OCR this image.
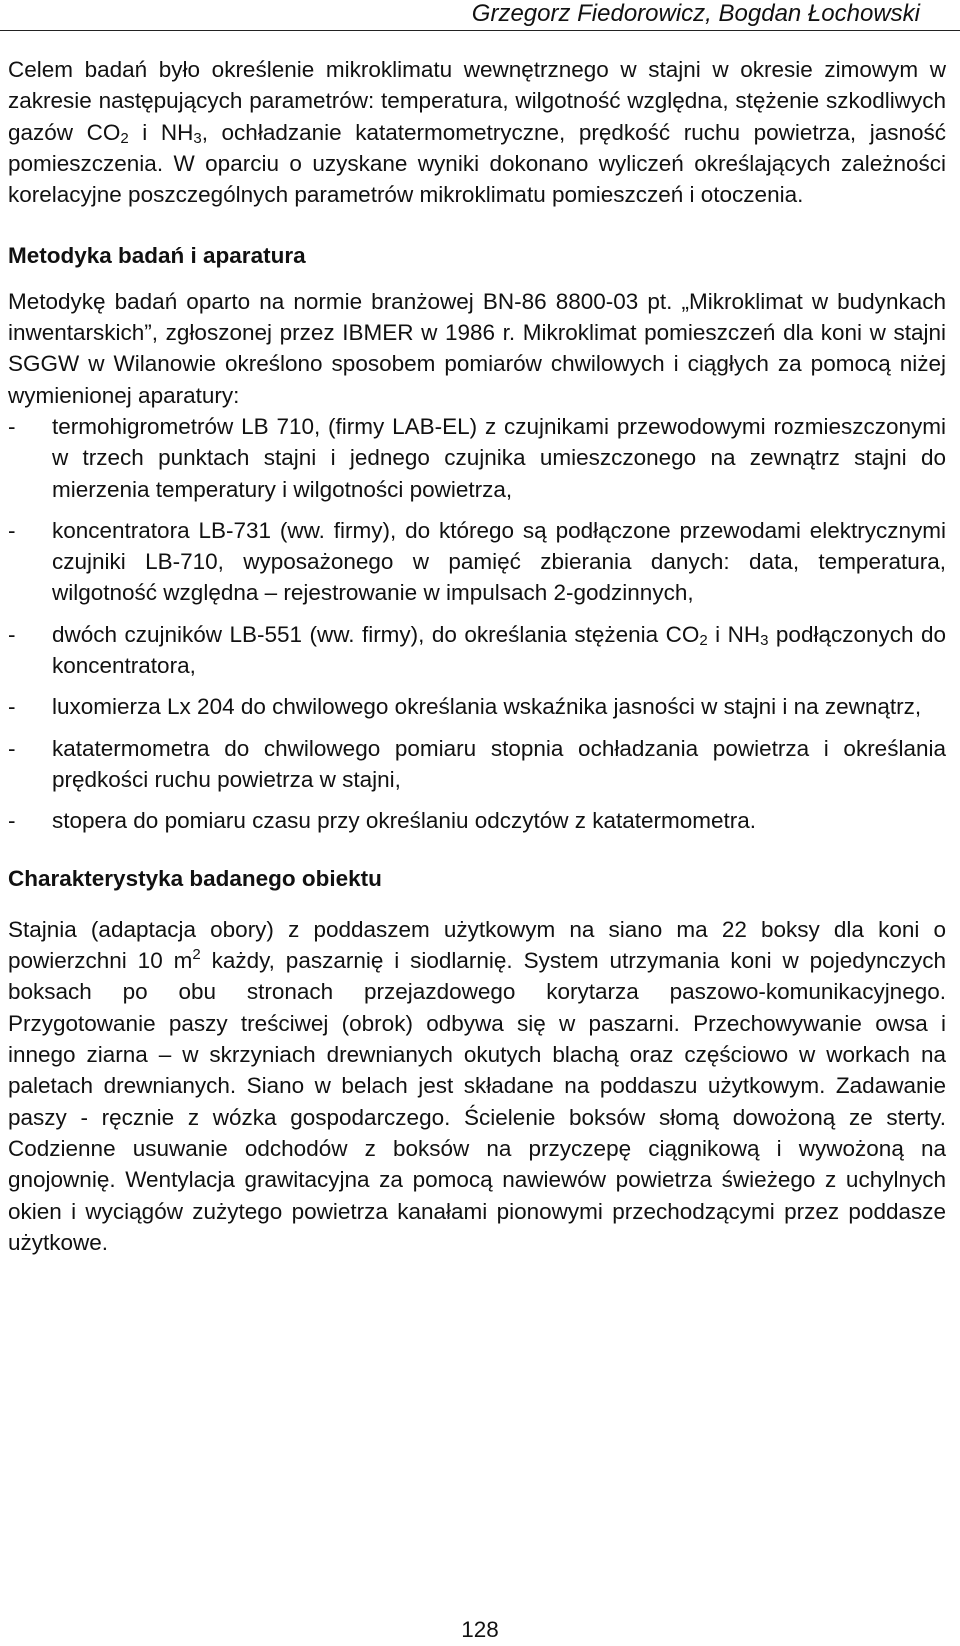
Grzegorz Fiedorowicz, Bogdan Łochowski

Celem badań było określenie mikroklimatu wewnętrznego w stajni w okresie zimowym w zakresie następujących parametrów: temperatura, wilgotność względna, stężenie szkodliwych gazów $CO_2$ i $NH_3$, ochładzanie katatermometryczne, prędkość ruchu powietrza, jasność pomieszczenia. W oparciu o uzyskane wyniki dokonano wyliczeń określających zależności korelacyjne poszczególnych parametrów mikroklimatu pomieszczeń i otoczenia.

Metodyka badań i aparatura

Metodykę badań oparto na normie branżowej BN-86 8800-03 pt. „Mikroklimat w budynkach inwentarskich”, zgłoszonej przez IBMER w 1986 r. Mikroklimat pomieszczeń dla koni w stajni SGGW w Wilanowie określono sposobem pomiarów chwilowych i ciągłych za pomocą niżej wymienionej aparatury:

- termohigrometrów LB 710, (firmy LAB-EL) z czujnikami przewodowymi rozmieszczonymi w trzech punktach stajni i jednego czujnika umieszczonego na zewnątrz stajni do mierzenia temperatury i wilgotności powietrza,
- koncentratora LB-731 (ww. firmy), do którego są podłączone przewodami elektrycznymi czujniki LB-710, wyposażonego w pamięć zbierania danych: data, temperatura, wilgotność względna – rejestrowanie w impulsach 2-godzinnych,
- dwóch czujników LB-551 (ww. firmy), do określania stężenia $CO_2$ i $NH_3$ podłączonych do koncentratora,
- luxomierza Lx 204 do chwilowego określania wskaźnika jasności w stajni i na zewnątrz,
- katatermometra do chwilowego pomiaru stopnia ochładzania powietrza i określania prędkości ruchu powietrza w stajni,
- stopera do pomiaru czasu przy określaniu odczytów z katatermometra.
Charakterystyka badanego obiektu

Stajnia (adaptacja obory) z poddaszem użytkowym na siano ma 22 boksy dla koni o powierzchni 10 $m^2$ każdy, paszarnię i siodlarnię. System utrzymania koni w pojedynczych boksach po obu stronach przejazdowego korytarza paszowo-komunikacyjnego. Przygotowanie paszy treściwej (obrok) odbywa się w paszarni. Przechowywanie owsa i innego ziarna – w skrzyniach drewnianych okutych blachą oraz częściowo w workach na paletach drewnianych. Siano w belach jest składane na poddaszu użytkowym. Zadawanie paszy - ręcznie z wózka gospodarczego. Ścielenie boksów słomą dowożoną ze sterty. Codzienne usuwanie odchodów z boksów na przyczepę ciągnikową i wywożoną na gnojownię. Wentylacja grawitacyjna za pomocą nawiewów powietrza świeżego z uchylnych okien i wyciągów zużytego powietrza kanałami pionowymi przechodzącymi przez poddasze użytkowe.

128
